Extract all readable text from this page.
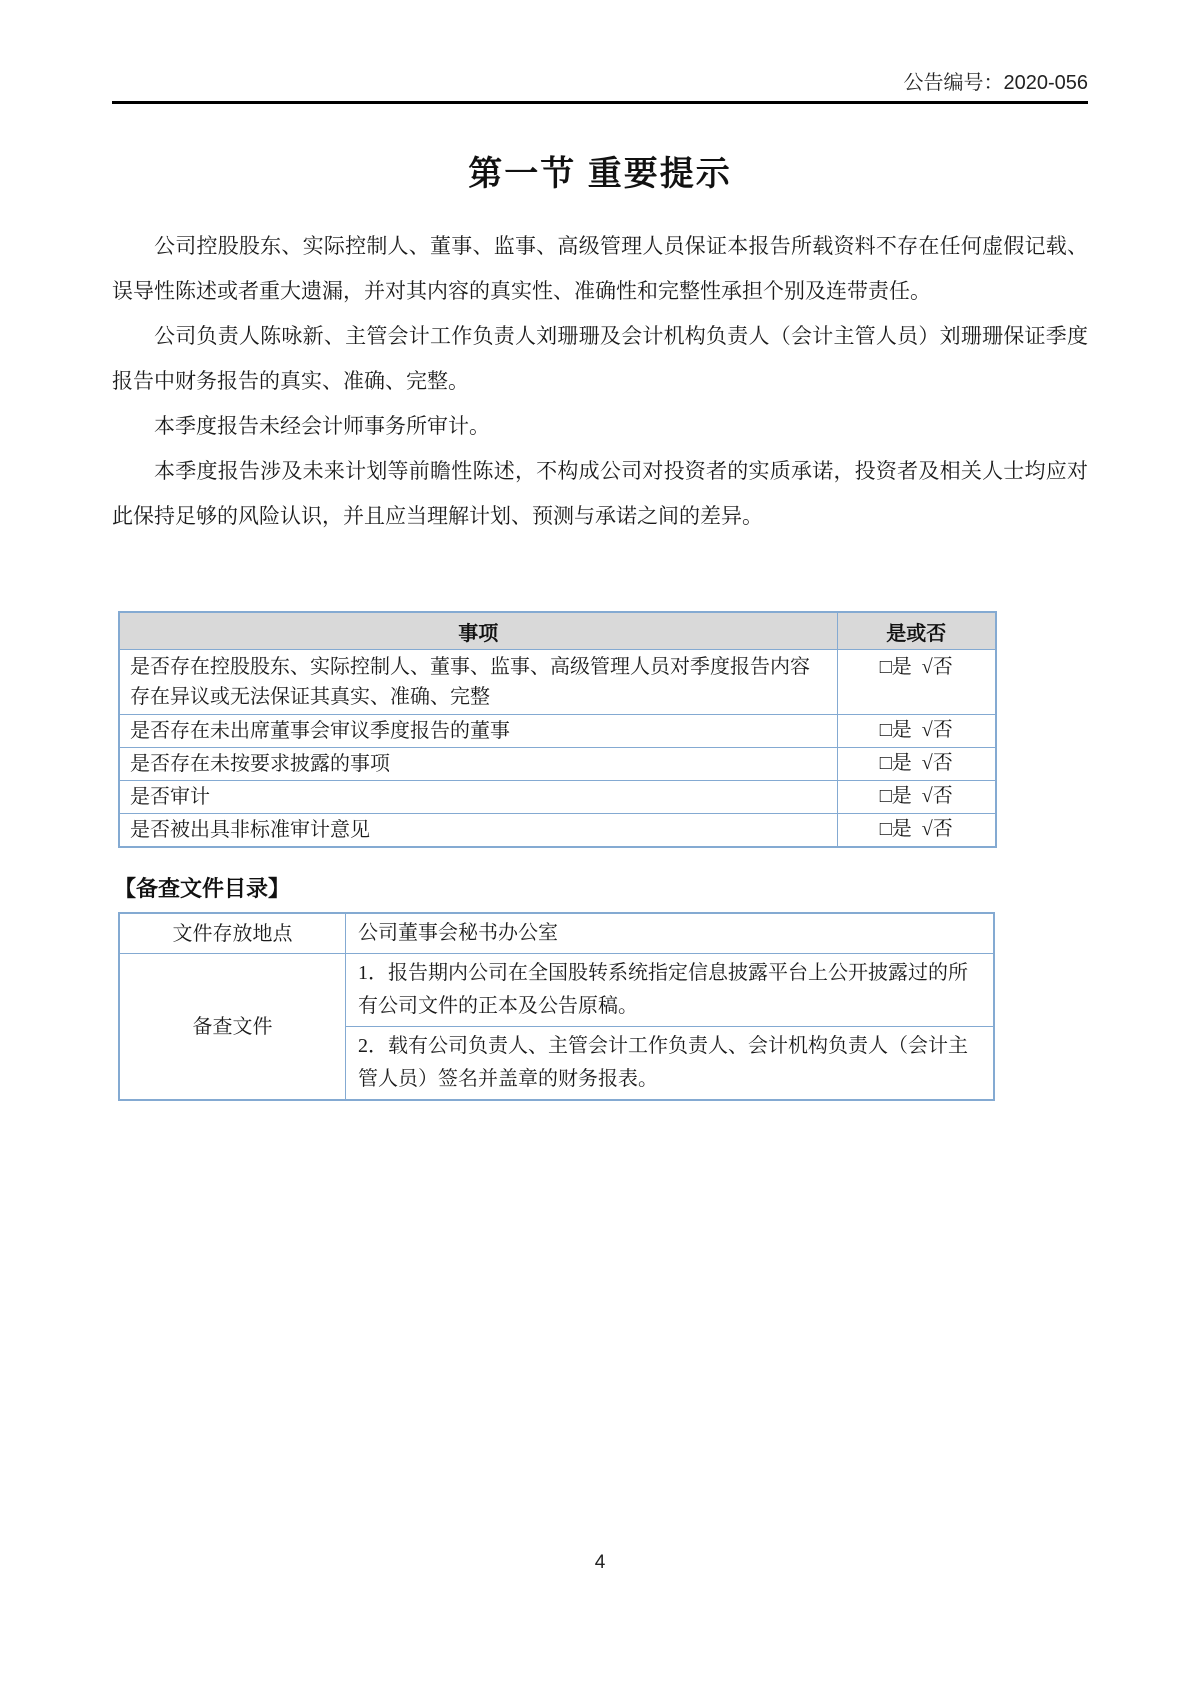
公告编号：2020-056
第一节 重要提示

公司控股股东、实际控制人、董事、监事、高级管理人员保证本报告所载资料不存在任何虚假记载、误导性陈述或者重大遗漏，并对其内容的真实性、准确性和完整性承担个别及连带责任。

公司负责人陈咏新、主管会计工作负责人刘珊珊及会计机构负责人（会计主管人员）刘珊珊保证季度报告中财务报告的真实、准确、完整。

本季度报告未经会计师事务所审计。

本季度报告涉及未来计划等前瞻性陈述，不构成公司对投资者的实质承诺，投资者及相关人士均应对此保持足够的风险认识，并且应当理解计划、预测与承诺之间的差异。

事项	是或否
是否存在控股股东、实际控制人、董事、监事、高级管理人员对季度报告内容存在异议或无法保证其真实、准确、完整	□是  √否
是否存在未出席董事会审议季度报告的董事	□是  √否
是否存在未按要求披露的事项	□是  √否
是否审计	□是  √否
是否被出具非标准审计意见	□是  √否
【备查文件目录】
文件存放地点	公司董事会秘书办公室
备查文件	1．报告期内公司在全国股转系统指定信息披露平台上公开披露过的所有公司文件的正本及公告原稿。
	2．载有公司负责人、主管会计工作负责人、会计机构负责人（会计主管人员）签名并盖章的财务报表。
4
